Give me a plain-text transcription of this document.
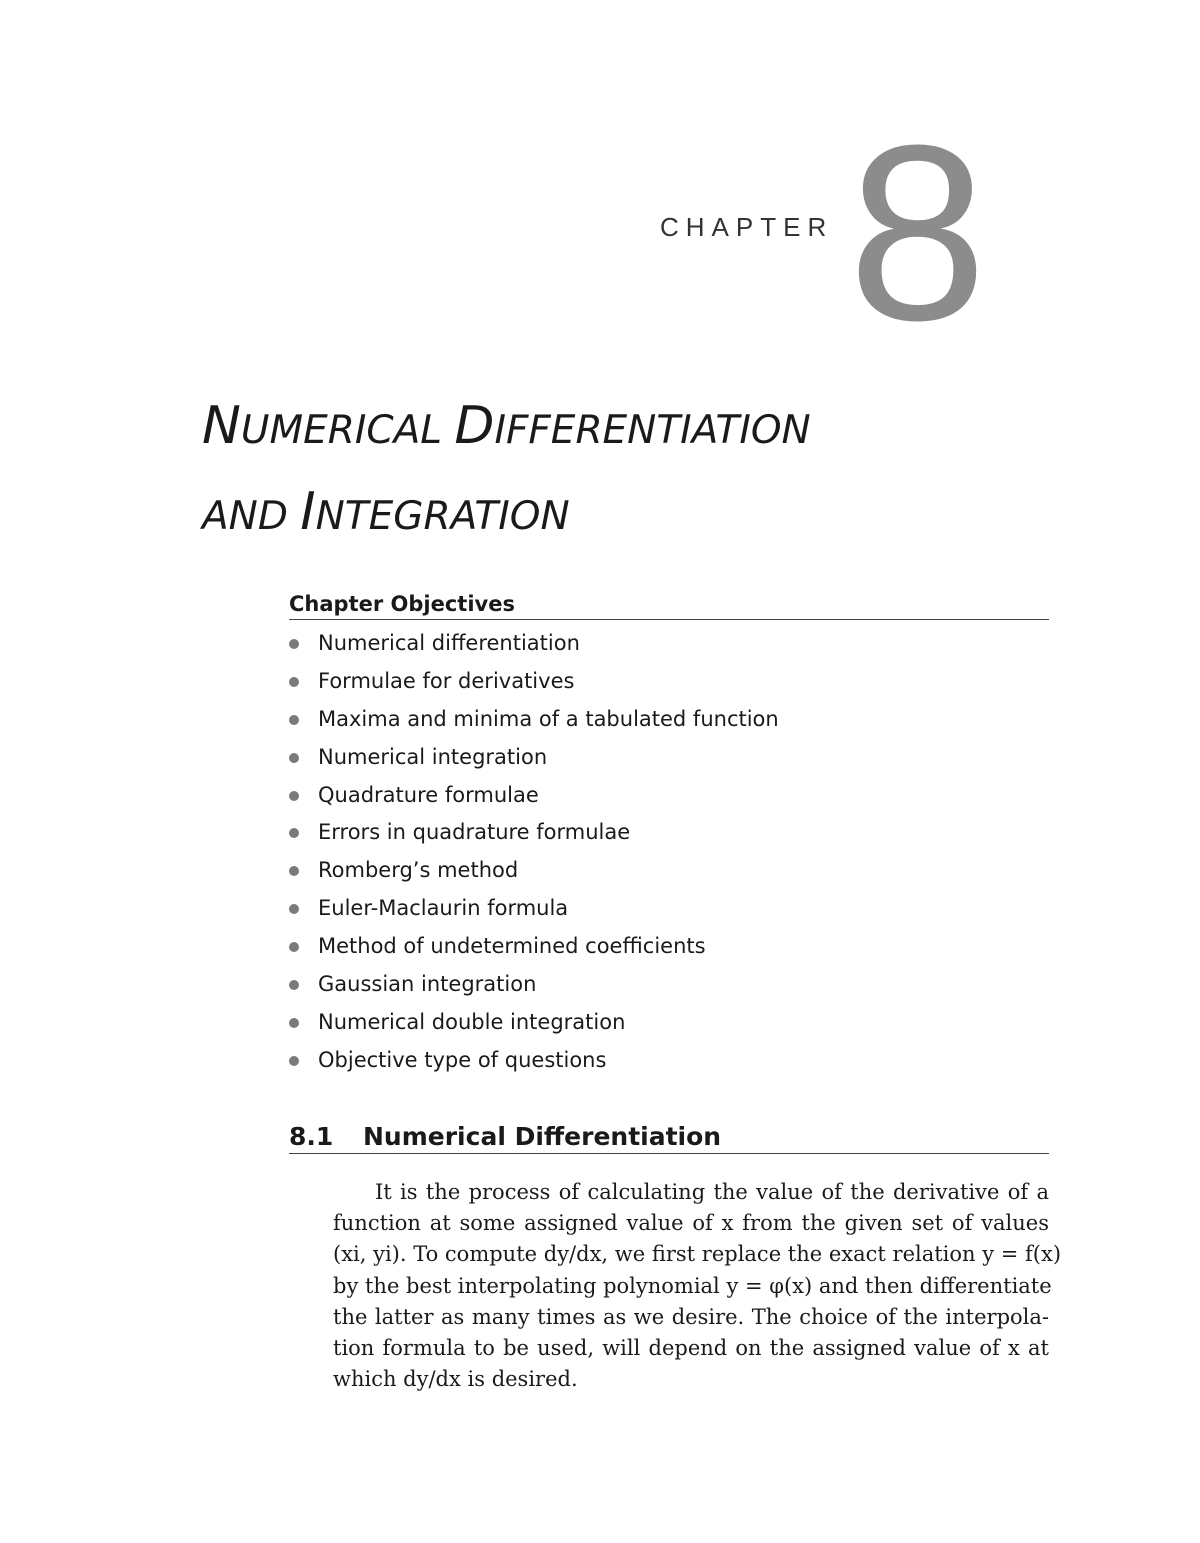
CHAPTER 8
NUMERICAL DIFFERENTIATION
AND INTEGRATION
Chapter Objectives
Numerical differentiation
Formulae for derivatives
Maxima and minima of a tabulated function
Numerical integration
Quadrature formulae
Errors in quadrature formulae
Romberg’s method
Euler-Maclaurin formula
Method of undetermined coefficients
Gaussian integration
Numerical double integration
Objective type of questions
8.1 Numerical Differentiation
It is the process of calculating the value of the derivative of a
function at some assigned value of x from the given set of values
(xi, yi). To compute dy/dx, we first replace the exact relation y = f(x)
by the best interpolating polynomial y = φ(x) and then differentiate
the latter as many times as we desire. The choice of the interpola-
tion formula to be used, will depend on the assigned value of x at
which dy/dx is desired.
